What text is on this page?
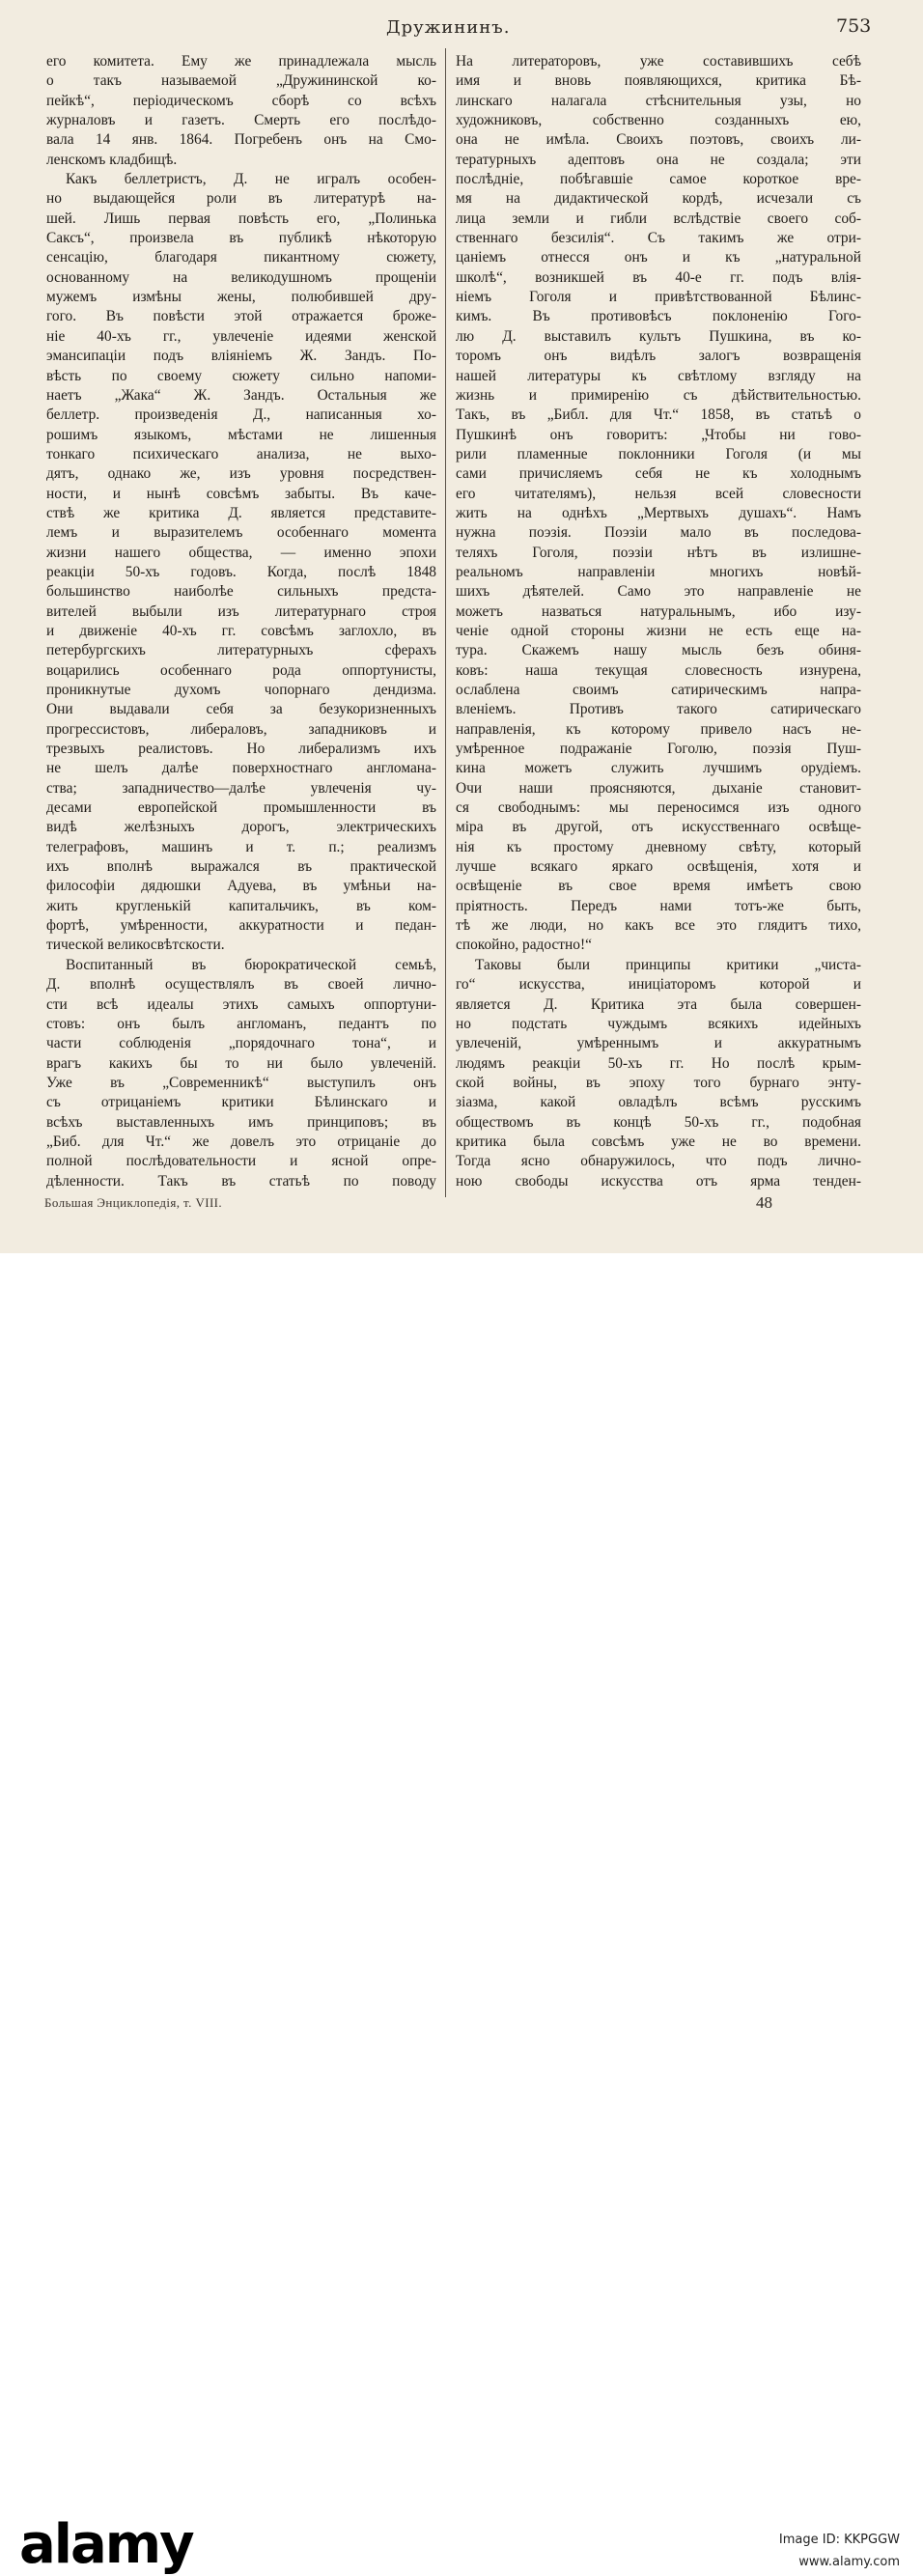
Дружининъ.	753
его комитета. Ему же принадлежала мысль
о такъ называемой „Дружининской ко-
пейкѣ“, періодическомъ сборѣ со всѣхъ
журналовъ и газетъ. Смерть его послѣдо-
вала 14 янв. 1864. Погребенъ онъ на Смо-
ленскомъ кладбищѣ.
Какъ беллетристъ, Д. не игралъ особен-
но выдающейся роли въ литературѣ на-
шей. Лишь первая повѣсть его, „Полинька
Саксъ“, произвела въ публикѣ нѣкоторую
сенсацію, благодаря пикантному сюжету,
основанному на великодушномъ прощеніи
мужемъ измѣны жены, полюбившей дру-
гого. Въ повѣсти этой отражается броже-
ніе 40-хъ гг., увлеченіе идеями женской
эмансипаціи подъ вліяніемъ Ж. Зандъ. По-
вѣсть по своему сюжету сильно напоми-
наетъ „Жака“ Ж. Зандъ. Остальныя же
беллетр. произведенія Д., написанныя хо-
рошимъ языкомъ, мѣстами не лишенныя
тонкаго психическаго анализа, не выхо-
дятъ, однако же, изъ уровня посредствен-
ности, и нынѣ совсѣмъ забыты. Въ каче-
ствѣ же критика Д. является представите-
лемъ и выразителемъ особеннаго момента
жизни нашего общества, — именно эпохи
реакціи 50-хъ годовъ. Когда, послѣ 1848
большинство наиболѣе сильныхъ предста-
вителей выбыли изъ литературнаго строя
и движеніе 40-хъ гг. совсѣмъ заглохло, въ
петербургскихъ литературныхъ сферахъ
воцарились особеннаго рода оппортунисты,
проникнутые духомъ чопорнаго дендизма.
Они выдавали себя за безукоризненныхъ
прогрессистовъ, либераловъ, западниковъ и
трезвыхъ реалистовъ. Но либерализмъ ихъ
не шелъ далѣе поверхностнаго англомана-
ства; западничество—далѣе увлеченія чу-
десами европейской промышленности въ
видѣ желѣзныхъ дорогъ, электрическихъ
телеграфовъ, машинъ и т. п.; реализмъ
ихъ вполнѣ выражался въ практической
философіи дядюшки Адуева, въ умѣньи на-
жить кругленькій капитальчикъ, въ ком-
фортѣ, умѣренности, аккуратности и педан-
тической великосвѣтскости.
Воспитанный въ бюрократической семьѣ,
Д. вполнѣ осуществлялъ въ своей лично-
сти всѣ идеалы этихъ самыхъ оппортуни-
стовъ: онъ былъ англоманъ, педантъ по
части соблюденія „порядочнаго тона“, и
врагъ какихъ бы то ни было увлеченій.
Уже въ „Современникѣ“ выступилъ онъ
съ отрицаніемъ критики Бѣлинскаго и
всѣхъ выставленныхъ имъ принциповъ; въ
„Биб. для Чт.“ же довелъ это отрицаніе до
полной послѣдовательности и ясной опре-
дѣленности. Такъ въ статьѣ по поводу
На литераторовъ, уже составившихъ себѣ
имя и вновь появляющихся, критика Бѣ-
линскаго налагала стѣснительныя узы, но
художниковъ, собственно созданныхъ ею,
она не имѣла. Своихъ поэтовъ, своихъ ли-
тературныхъ адептовъ она не создала; эти
послѣдніе, побѣгавшіе самое короткое вре-
мя на дидактической кордѣ, исчезали съ
лица земли и гибли вслѣдствіе своего соб-
ственнаго безсилія“. Съ такимъ же отри-
цаніемъ отнесся онъ и къ „натуральной
школѣ“, возникшей въ 40-е гг. подъ влія-
ніемъ Гоголя и привѣтствованной Бѣлинс-
кимъ. Въ противовѣсъ поклоненію Гого-
лю Д. выставилъ культъ Пушкина, въ ко-
торомъ онъ видѣлъ залогъ возвращенія
нашей литературы къ свѣтлому взгляду на
жизнь и примиренію съ дѣйствительностью.
Такъ, въ „Библ. для Чт.“ 1858, въ статьѣ о
Пушкинѣ онъ говоритъ: „Чтобы ни гово-
рили пламенные поклонники Гоголя (и мы
сами причисляемъ себя не къ холоднымъ
его читателямъ), нельзя всей словесности
жить на однѣхъ „Мертвыхъ душахъ“. Намъ
нужна поэзія. Поэзіи мало въ последова-
теляхъ Гоголя, поэзіи нѣтъ въ излишне-
реальномъ направленіи многихъ новѣй-
шихъ дѣятелей. Само это направленіе не
можетъ назваться натуральнымъ, ибо изу-
ченіе одной стороны жизни не есть еще на-
тура. Скажемъ нашу мысль безъ обиня-
ковъ: наша текущая словесность изнурена,
ослаблена своимъ сатирическимъ напра-
вленіемъ. Противъ такого сатирическаго
направленія, къ которому привело насъ не-
умѣренное подражаніе Гоголю, поэзія Пуш-
кина можетъ служить лучшимъ орудіемъ.
Очи наши проясняются, дыханіе становит-
ся свободнымъ: мы переносимся изъ одного
міра въ другой, отъ искусственнаго освѣще-
нія къ простому дневному свѣту, который
лучше всякаго яркаго освѣщенія, хотя и
освѣщеніе въ свое время имѣетъ свою
пріятность. Передъ нами тотъ-же быть,
тѣ же люди, но какъ все это глядитъ тихо,
спокойно, радостно!“
Таковы были принципы критики „чиста-
го“ искусства, иниціаторомъ которой и
является Д. Критика эта была совершен-
но подстать чуждымъ всякихъ идейныхъ
увлеченій, умѣреннымъ и аккуратнымъ
людямъ реакціи 50-хъ гг. Но послѣ крым-
ской войны, въ эпоху того бурнаго энту-
зіазма, какой овладѣлъ всѣмъ русскимъ
обществомъ въ концѣ 50-хъ гг., подобная
критика была совсѣмъ уже не во времени.
Тогда ясно обнаружилось, что подъ лично-
ною свободы искусства отъ ярма тенден-
Большая Энциклопедія, т. VIII.	48
alamy	Image ID: KKPGGW
www.alamy.com
